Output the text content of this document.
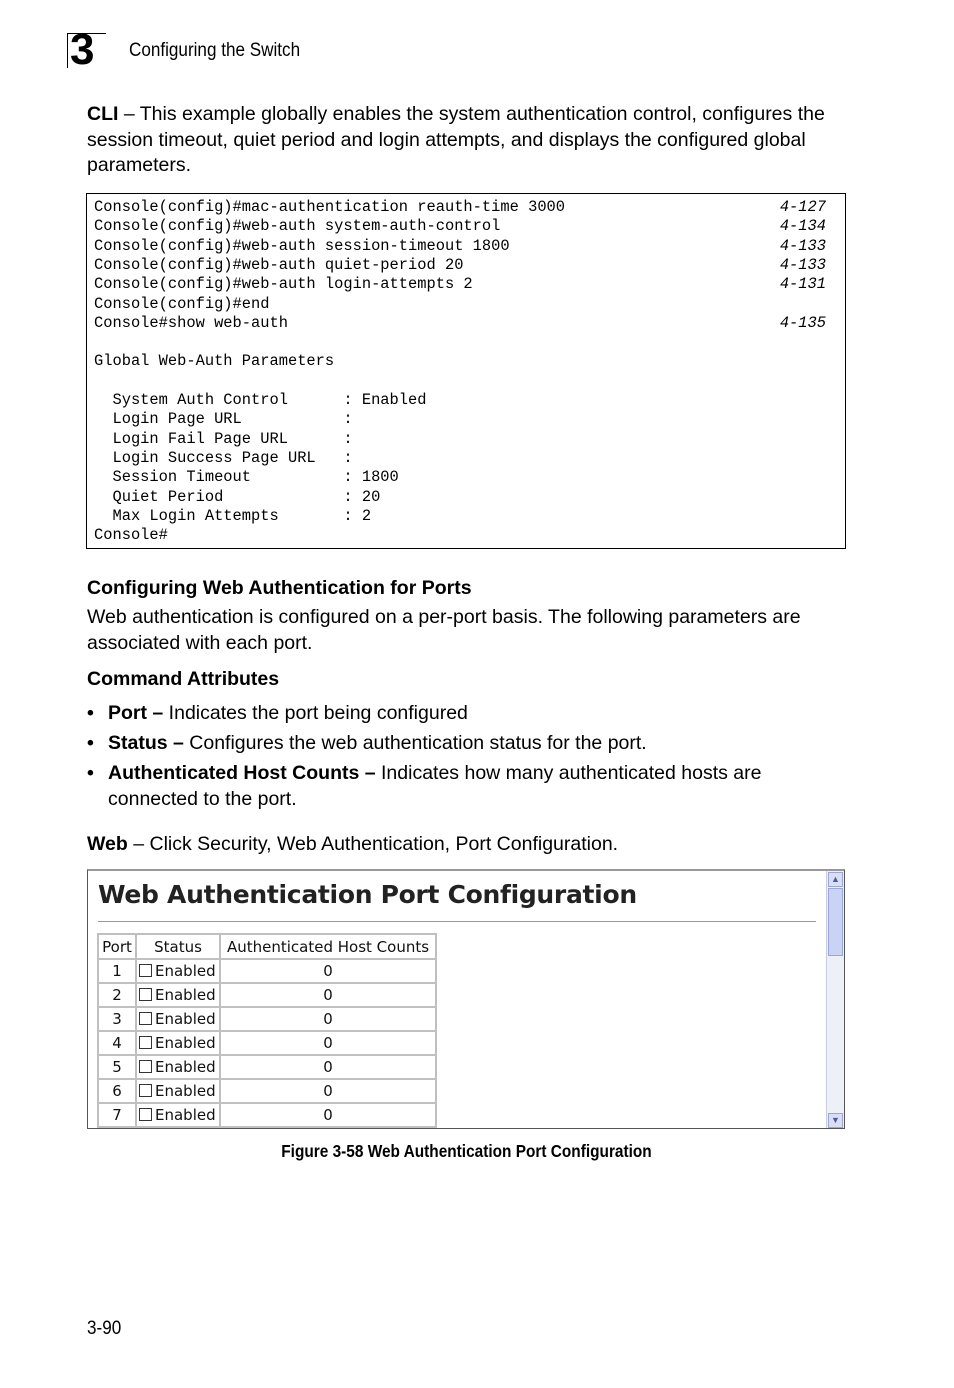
3 Configuring the Switch
CLI – This example globally enables the system authentication control, configures the session timeout, quiet period and login attempts, and displays the configured global parameters.
Console(config)#mac-authentication reauth-time 3000	4-127
Console(config)#web-auth system-auth-control	4-134
Console(config)#web-auth session-timeout 1800	4-133
Console(config)#web-auth quiet-period 20	4-133
Console(config)#web-auth login-attempts 2	4-131
Console(config)#end
Console#show web-auth	4-135
Global Web-Auth Parameters
System Auth Control      : Enabled
Login Page URL           :
Login Fail Page URL      :
Login Success Page URL   :
Session Timeout          : 1800
Quiet Period             : 20
Max Login Attempts       : 2
Console#
Configuring Web Authentication for Ports
Web authentication is configured on a per-port basis. The following parameters are associated with each port.
Command Attributes
• Port – Indicates the port being configured
• Status – Configures the web authentication status for the port.
• Authenticated Host Counts – Indicates how many authenticated hosts are connected to the port.
Web – Click Security, Web Authentication, Port Configuration.
Web Authentication Port Configuration
Port	Status	Authenticated Host Counts
1	Enabled	0
2	Enabled	0
3	Enabled	0
4	Enabled	0
5	Enabled	0
6	Enabled	0
7	Enabled	0
▲
▼
Figure 3-58 Web Authentication Port Configuration
3-90
